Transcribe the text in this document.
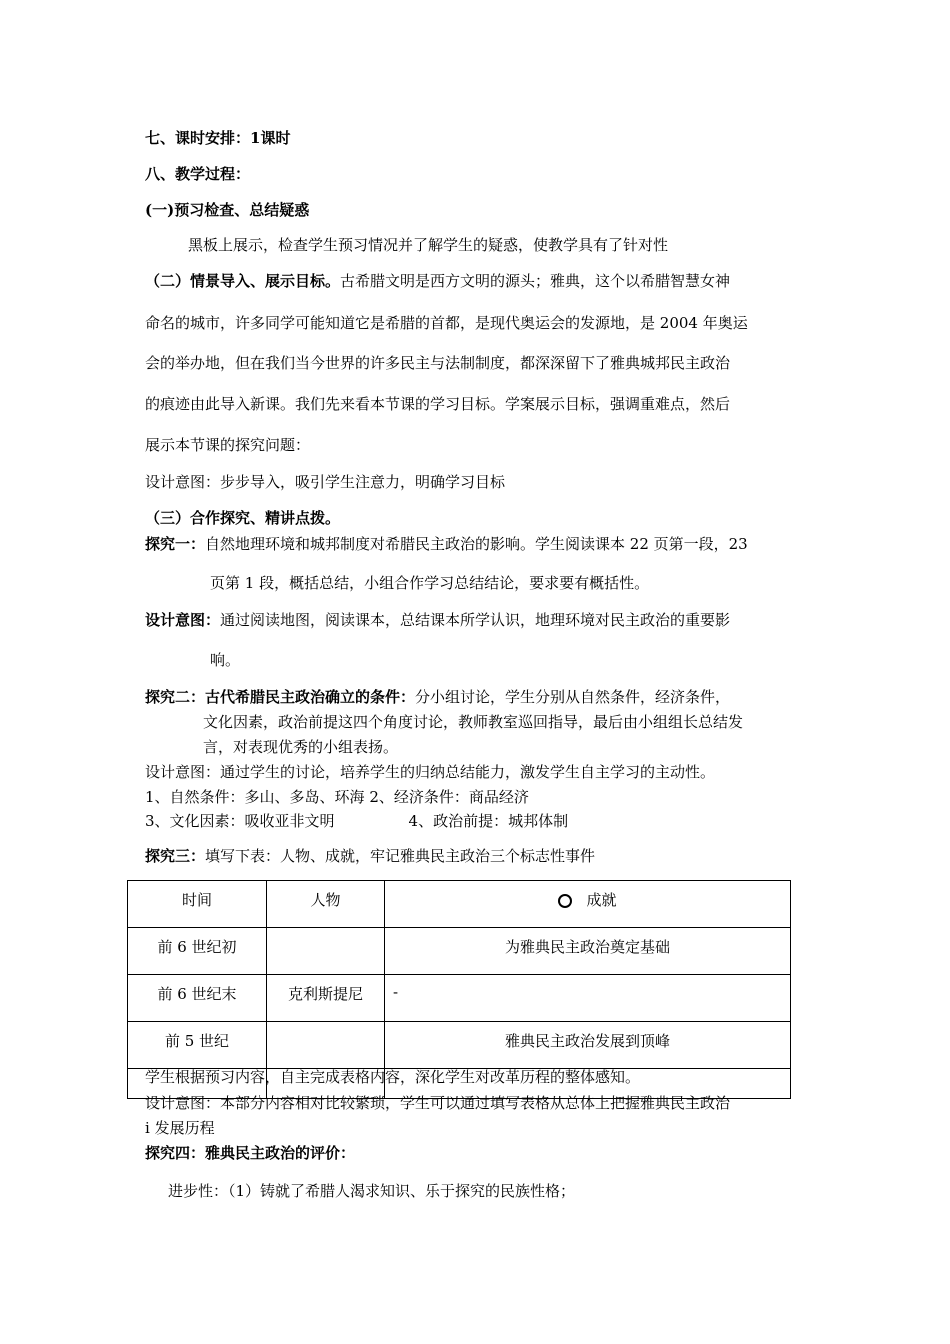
七、课时安排：1课时
八、教学过程：
(一)预习检查、总结疑惑
黑板上展示，检查学生预习情况并了解学生的疑惑，使教学具有了针对性
（二）情景导入、展示目标。古希腊文明是西方文明的源头；雅典，这个以希腊智慧女神
命名的城市，许多同学可能知道它是希腊的首都，是现代奥运会的发源地，是 2004 年奥运
会的举办地，但在我们当今世界的许多民主与法制制度，都深深留下了雅典城邦民主政治
的痕迹由此导入新课。我们先来看本节课的学习目标。学案展示目标，强调重难点，然后
展示本节课的探究问题：
设计意图：步步导入，吸引学生注意力，明确学习目标
（三）合作探究、精讲点拨。
探究一：自然地理环境和城邦制度对希腊民主政治的影响。学生阅读课本 22 页第一段，23
页第 1 段，概括总结，小组合作学习总结结论，要求要有概括性。
设计意图：通过阅读地图，阅读课本，总结课本所学认识，地理环境对民主政治的重要影
响。
探究二：古代希腊民主政治确立的条件：分小组讨论，学生分别从自然条件，经济条件，
文化因素，政治前提这四个角度讨论，教师教室巡回指导，最后由小组组长总结发
言，对表现优秀的小组表扬。
设计意图：通过学生的讨论，培养学生的归纳总结能力，激发学生自主学习的主动性。
1、自然条件：多山、多岛、环海 2、经济条件：商品经济
3、文化因素：吸收亚非文明	4、政治前提：城邦体制
探究三：填写下表：人物、成就，牢记雅典民主政治三个标志性事件
时间	人物	成就
前 6 世纪初		为雅典民主政治奠定基础
前 6 世纪末	克利斯提尼	-
前 5 世纪		雅典民主政治发展到顶峰

学生根据预习内容，自主完成表格内容，深化学生对改革历程的整体感知。
设计意图：本部分内容相对比较繁琐，学生可以通过填写表格从总体上把握雅典民主政治
i 发展历程
探究四：雅典民主政治的评价：
进步性：（1）铸就了希腊人渴求知识、乐于探究的民族性格；
